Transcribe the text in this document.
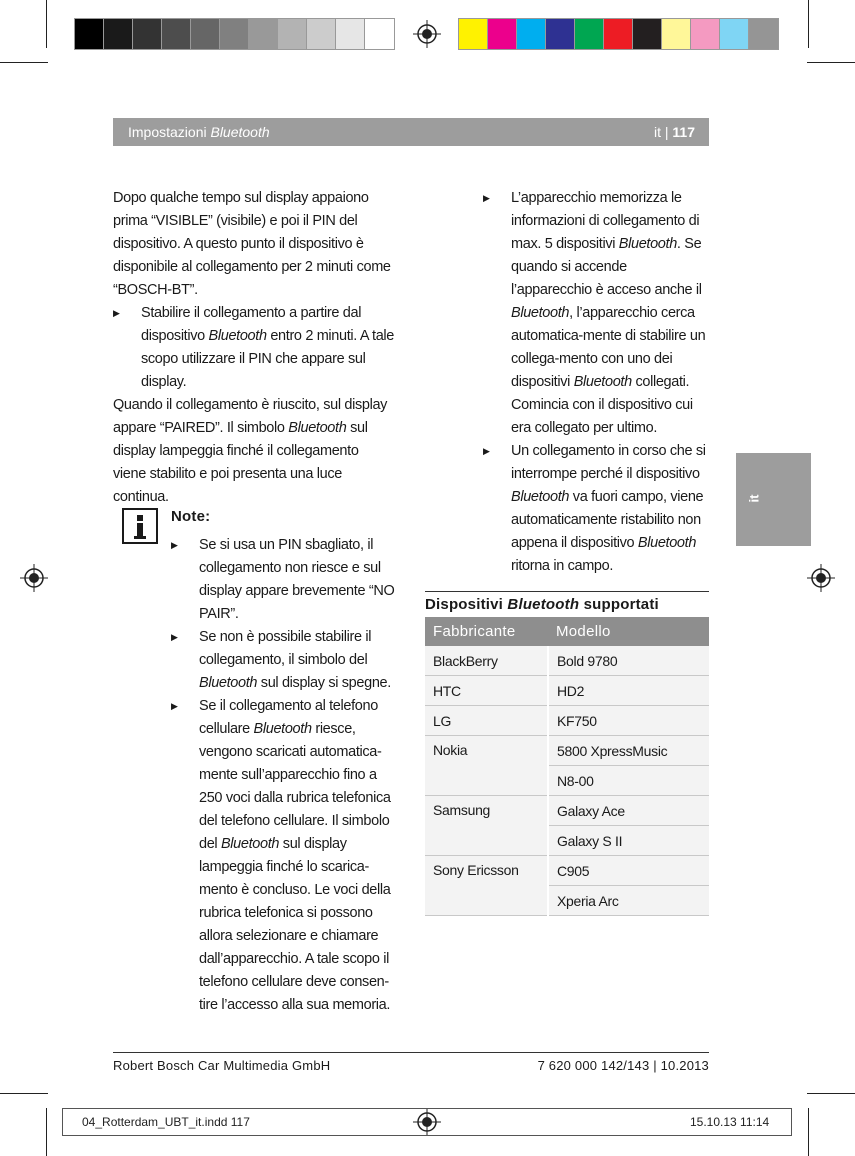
Impostazioni Bluetooth	it | 117
it

Dopo qualche tempo sul display appaiono prima “VISIBLE” (visibile) e poi il PIN del dispositivo. A questo punto il dispositivo è disponibile al collegamento per 2 minuti come “BOSCH-BT”.

▶ Stabilire il collegamento a partire dal dispositivo Bluetooth entro 2 minuti. A tale scopo utilizzare il PIN che appare sul display.

Quando il collegamento è riuscito, sul display appare “PAIRED”. Il simbolo Bluetooth sul display lampeggia finché il collegamento viene stabilito e poi presenta una luce continua.

Note:

▶ Se si usa un PIN sbagliato, il collegamento non riesce e sul display appare brevemente “NO PAIR”.

▶ Se non è possibile stabilire il collegamento, il simbolo del Bluetooth sul display si spegne.

▶ Se il collegamento al telefono cellulare Bluetooth riesce, vengono scaricati automatica-mente sull’apparecchio fino a 250 voci dalla rubrica telefonica del telefono cellulare. Il simbolo del Bluetooth sul display lampeggia finché lo scarica-mento è concluso. Le voci della rubrica telefonica si possono allora selezionare e chiamare dall’apparecchio. A tale scopo il telefono cellulare deve consen-tire l’accesso alla sua memoria.

▶ L’apparecchio memorizza le informazioni di collegamento di max. 5 dispositivi Bluetooth. Se quando si accende l’apparecchio è acceso anche il Bluetooth, l’apparecchio cerca automatica-mente di stabilire un collega-mento con uno dei dispositivi Bluetooth collegati. Comincia con il dispositivo cui era collegato per ultimo.

▶ Un collegamento in corso che si interrompe perché il dispositivo Bluetooth va fuori campo, viene automaticamente ristabilito non appena il dispositivo Bluetooth ritorna in campo.

Dispositivi Bluetooth supportati
Fabbricante	Modello
BlackBerry	Bold 9780
HTC	HD2
LG	KF750
Nokia	5800 XpressMusic
	N8-00
Samsung	Galaxy Ace
	Galaxy S II
Sony Ericsson	C905
	Xperia Arc
Robert Bosch Car Multimedia GmbH	7 620 000 142/143 | 10.2013
04_Rotterdam_UBT_it.indd 117	15.10.13 11:14
